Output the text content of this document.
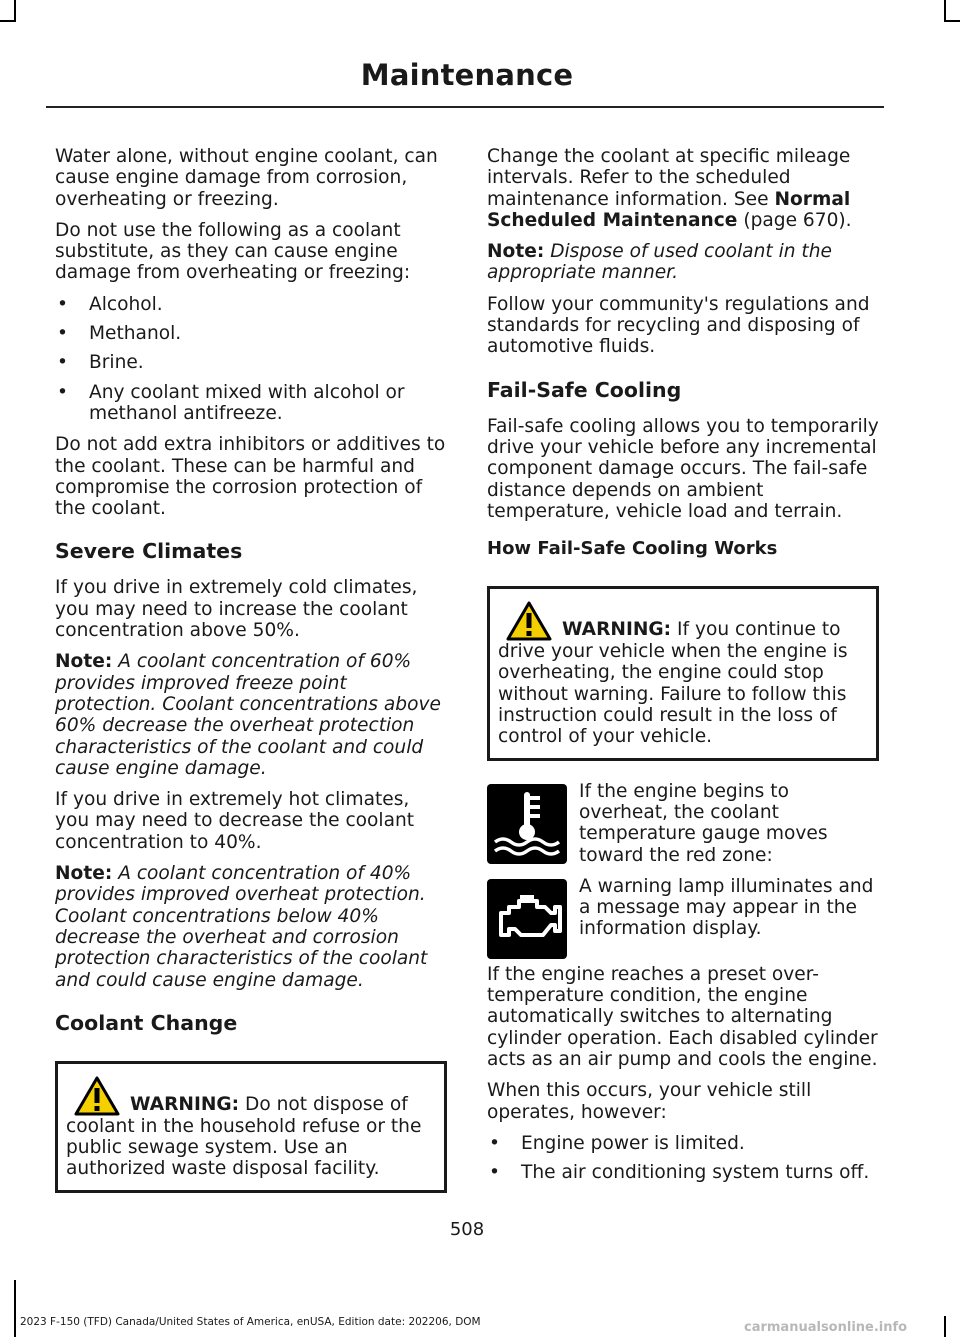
Maintenance

Water alone, without engine coolant, can cause engine damage from corrosion, overheating or freezing.

Do not use the following as a coolant substitute, as they can cause engine damage from overheating or freezing:

• Alcohol.
• Methanol.
• Brine.
• Any coolant mixed with alcohol or methanol antifreeze.

Do not add extra inhibitors or additives to the coolant. These can be harmful and compromise the corrosion protection of the coolant.

Severe Climates

If you drive in extremely cold climates, you may need to increase the coolant concentration above 50%.

Note: A coolant concentration of 60% provides improved freeze point protection. Coolant concentrations above 60% decrease the overheat protection characteristics of the coolant and could cause engine damage.

If you drive in extremely hot climates, you may need to decrease the coolant concentration to 40%.

Note: A coolant concentration of 40% provides improved overheat protection. Coolant concentrations below 40% decrease the overheat and corrosion protection characteristics of the coolant and could cause engine damage.

Coolant Change
WARNING: Do not dispose of coolant in the household refuse or the public sewage system. Use an authorized waste disposal facility.

Change the coolant at specific mileage intervals. Refer to the scheduled maintenance information. See Normal Scheduled Maintenance (page 670).

Note: Dispose of used coolant in the appropriate manner.

Follow your community's regulations and standards for recycling and disposing of automotive fluids.

Fail-Safe Cooling

Fail-safe cooling allows you to temporarily drive your vehicle before any incremental component damage occurs. The fail-safe distance depends on ambient temperature, vehicle load and terrain.

How Fail-Safe Cooling Works
WARNING: If you continue to drive your vehicle when the engine is overheating, the engine could stop without warning. Failure to follow this instruction could result in the loss of control of your vehicle.

If the engine begins to overheat, the coolant temperature gauge moves toward the red zone:

A warning lamp illuminates and a message may appear in the information display.

If the engine reaches a preset over-temperature condition, the engine automatically switches to alternating cylinder operation. Each disabled cylinder acts as an air pump and cools the engine.

When this occurs, your vehicle still operates, however:

• Engine power is limited.
• The air conditioning system turns off.
508
2023 F-150 (TFD) Canada/United States of America, enUSA, Edition date: 202206, DOM	carmanualsonline.info
